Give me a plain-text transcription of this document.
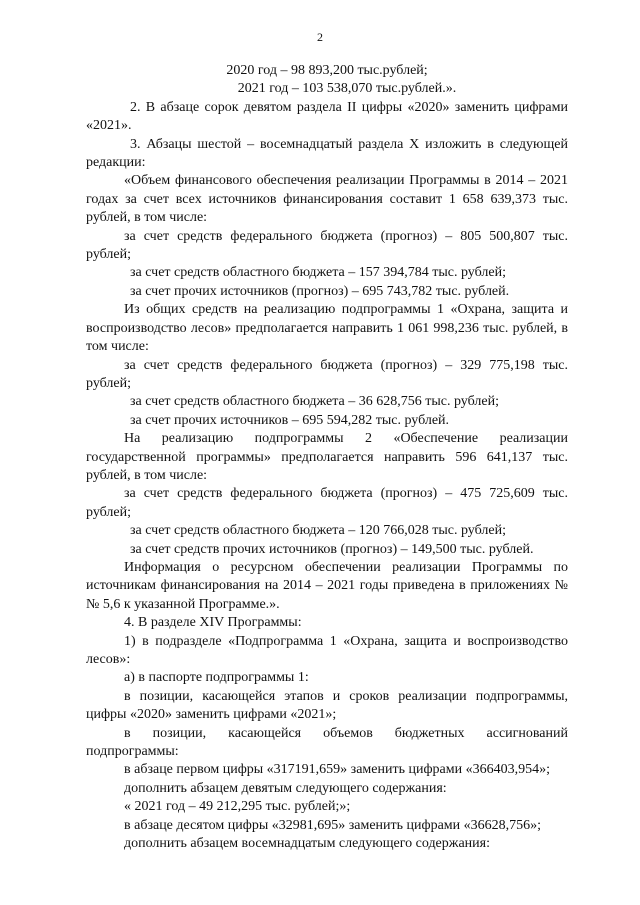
2

2020 год – 98 893,200 тыс.рублей;

2021 год – 103 538,070 тыс.рублей.».

2. В абзаце сорок девятом раздела II цифры «2020» заменить цифрами «2021».

3. Абзацы шестой – восемнадцатый раздела X изложить в следующей редакции:

«Объем финансового обеспечения реализации Программы в 2014 – 2021 годах за счет всех источников финансирования составит 1 658 639,373 тыс. рублей, в том числе:

за счет средств федерального бюджета (прогноз) – 805 500,807 тыс. рублей;

за счет средств областного бюджета – 157 394,784 тыс. рублей;

за счет прочих источников (прогноз) – 695 743,782 тыс. рублей.

Из общих средств на реализацию подпрограммы 1 «Охрана, защита и воспроизводство лесов» предполагается направить 1 061 998,236 тыс. рублей, в том числе:

за счет средств федерального бюджета (прогноз) – 329 775,198 тыс. рублей;

за счет средств областного бюджета – 36 628,756 тыс. рублей;

за счет прочих источников – 695 594,282 тыс. рублей.

На реализацию подпрограммы 2 «Обеспечение реализации государственной программы» предполагается направить 596 641,137 тыс. рублей, в том числе:

за счет средств федерального бюджета (прогноз) – 475 725,609 тыс. рублей;

за счет средств областного бюджета – 120 766,028 тыс. рублей;

за счет средств прочих источников (прогноз) – 149,500 тыс. рублей.

Информация о ресурсном обеспечении реализации Программы по источникам финансирования на 2014 – 2021 годы приведена в приложениях №№ 5,6 к указанной Программе.».

4. В разделе XIV Программы:

1) в подразделе «Подпрограмма 1 «Охрана, защита и воспроизводство лесов»:

а) в паспорте подпрограммы 1:

в позиции, касающейся этапов и сроков реализации подпрограммы, цифры «2020» заменить цифрами «2021»;

в позиции, касающейся объемов бюджетных ассигнований подпрограммы:

в абзаце первом цифры «317191,659» заменить цифрами «366403,954»;

дополнить абзацем девятым следующего содержания:

« 2021 год – 49 212,295 тыс. рублей;»;

в абзаце десятом цифры «32981,695» заменить цифрами «36628,756»;

дополнить абзацем восемнадцатым следующего содержания:
